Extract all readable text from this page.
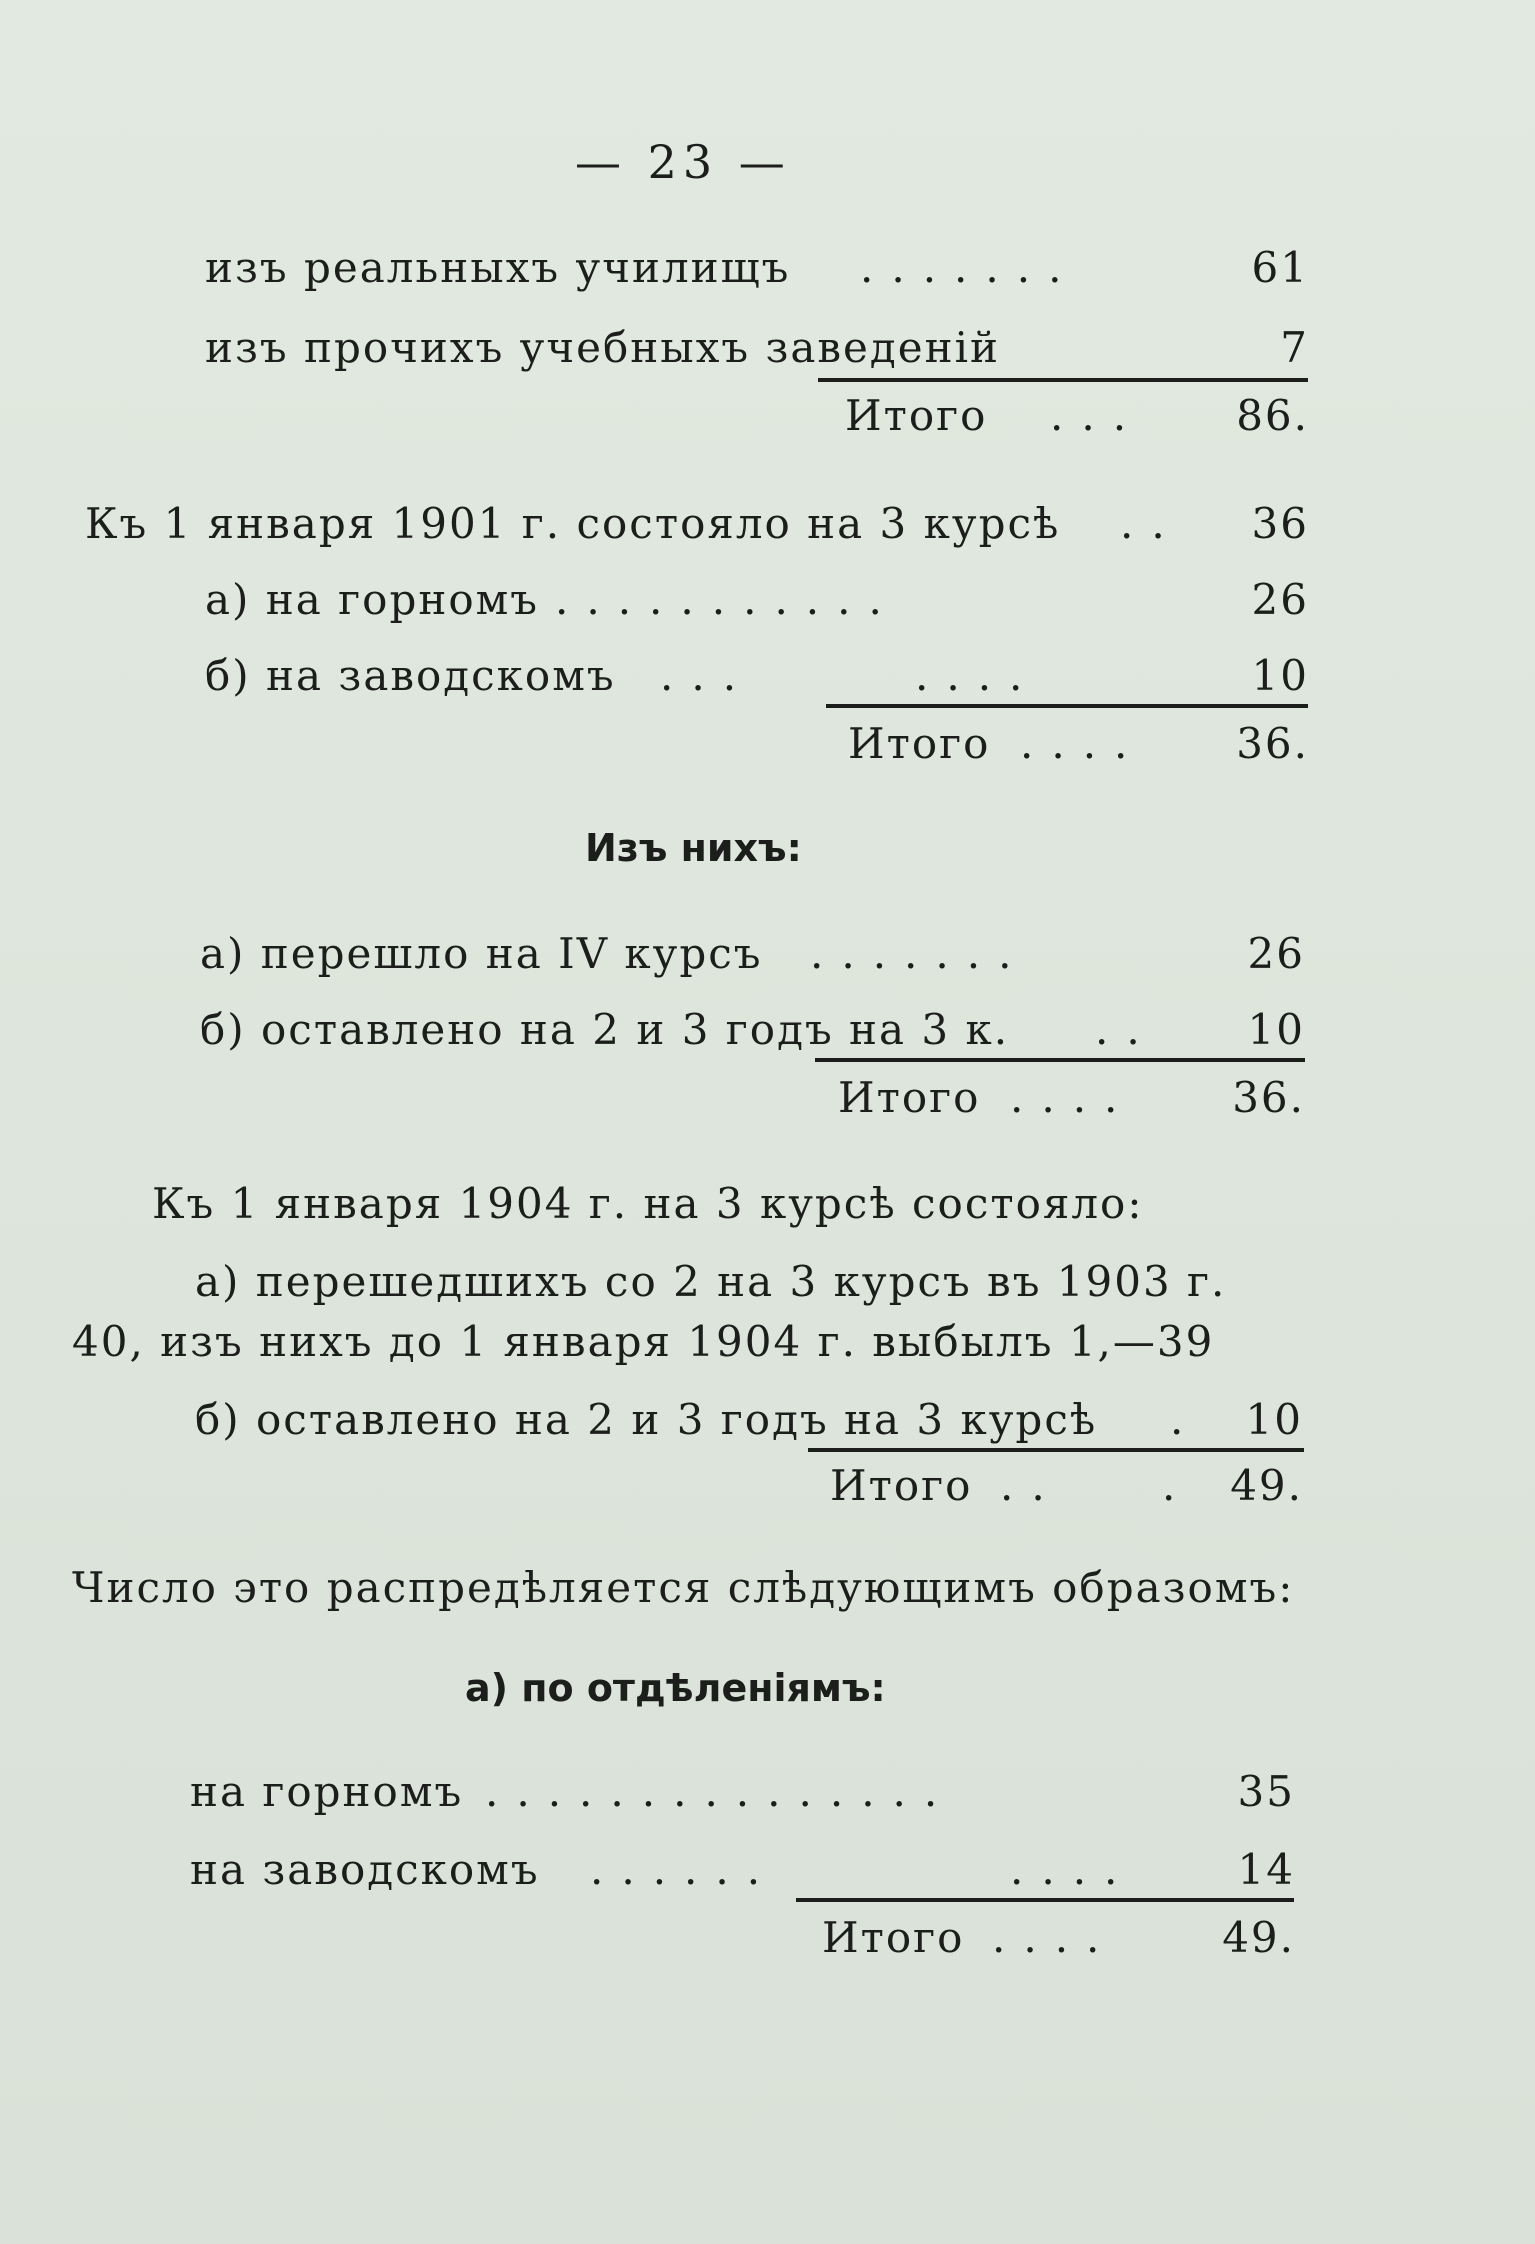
— 23 —
изъ реальныхъ училищъ .......	61
изъ прочихъ учебныхъ заведеній	7
Итого ... 86.
Къ 1 января 1901 г. состояло на 3 курсѣ .. 36
а) на горномъ ...........	26
б) на заводскомъ ...	....	10
Итого .... 36.
Изъ нихъ:
а) перешло на IV курсъ .......	26
б) оставлено на 2 и 3 годъ на 3 к. .. 10
Итого .... 36.
Къ 1 января 1904 г. на 3 курсѣ состояло:
а) перешедшихъ со 2 на 3 курсъ въ 1903 г.
40, изъ нихъ до 1 января 1904 г. выбылъ 1,—39
б) оставлено на 2 и 3 годъ на 3 курсѣ . 10
Итого .. . 49.
Число это распредѣляется слѣдующимъ образомъ:
а) по отдѣленіямъ:
на горномъ ...............	35
на заводскомъ ......	.... 14
Итого .... 49.
